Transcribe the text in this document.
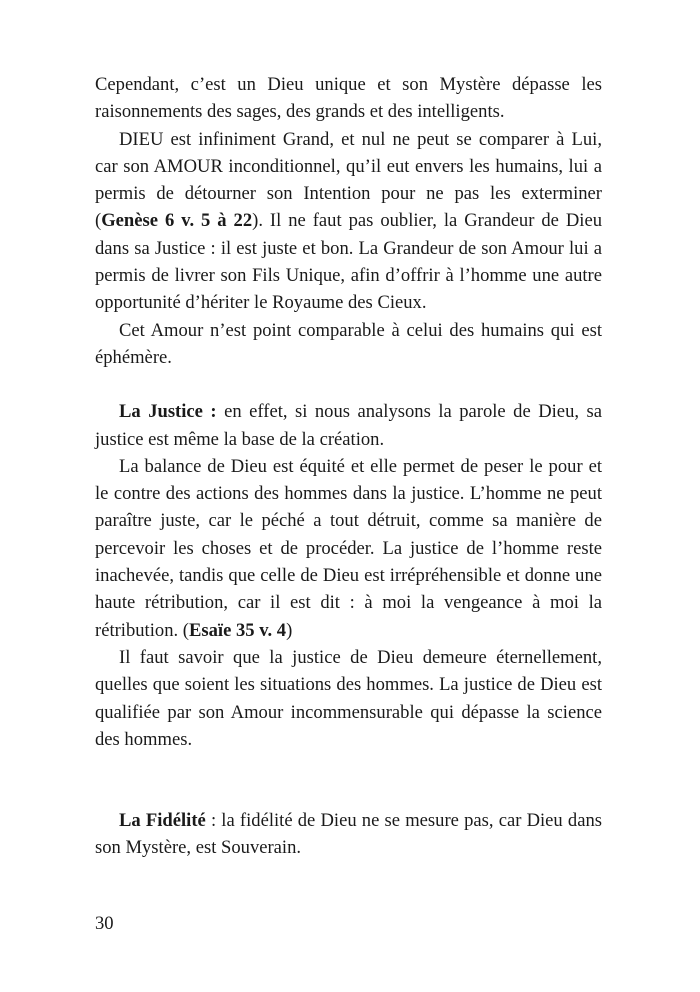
Cependant, c’est un Dieu unique et son Mystère dépasse les raisonnements des sages, des grands et des intelligents.

DIEU est infiniment Grand, et nul ne peut se comparer à Lui, car son AMOUR inconditionnel, qu’il eut envers les humains, lui a permis de détourner son Intention pour ne pas les exterminer (Genèse 6 v. 5 à 22). Il ne faut pas oublier, la Grandeur de Dieu dans sa Justice : il est juste et bon. La Grandeur de son Amour lui a permis de livrer son Fils Unique, afin d’offrir à l’homme une autre opportunité d’hériter le Royaume des Cieux.

Cet Amour n’est point comparable à celui des humains qui est éphémère.

La Justice : en effet, si nous analysons la parole de Dieu, sa justice est même la base de la création.

La balance de Dieu est équité et elle permet de peser le pour et le contre des actions des hommes dans la justice. L’homme ne peut paraître juste, car le péché a tout détruit, comme sa manière de percevoir les choses et de procéder. La justice de l’homme reste inachevée, tandis que celle de Dieu est irrépréhensible et donne une haute rétribution, car il est dit : à moi la vengeance à moi la rétribution. (Esaïe 35 v. 4)

Il faut savoir que la justice de Dieu demeure éternellement, quelles que soient les situations des hommes. La justice de Dieu est qualifiée par son Amour incommensurable qui dépasse la science des hommes.

La Fidélité : la fidélité de Dieu ne se mesure pas, car Dieu dans son Mystère, est Souverain.

30
